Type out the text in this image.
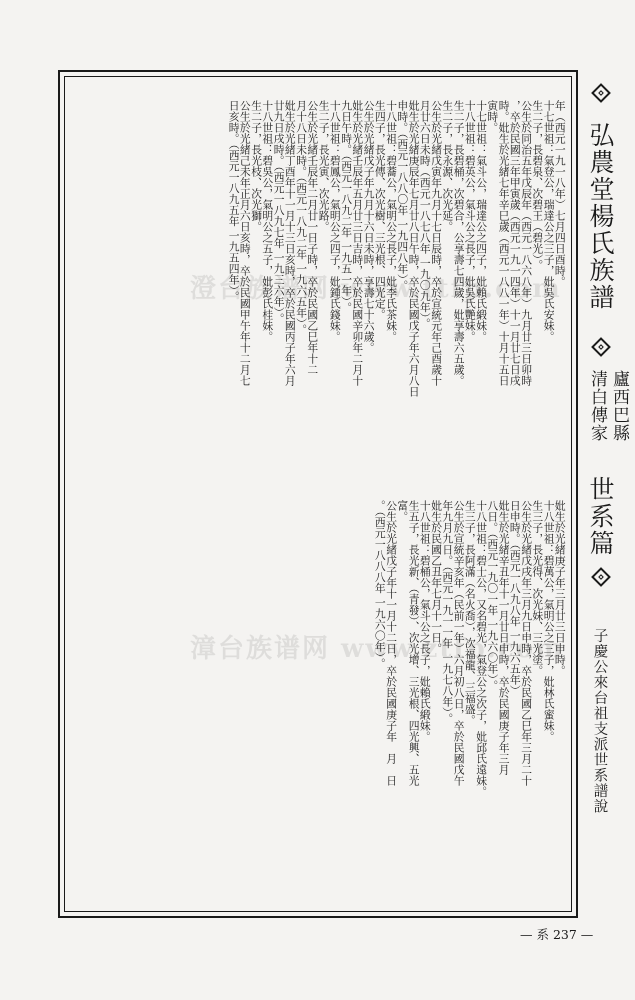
澄台族谱网 www.ttfp.com
漳台族谱网 www.ztfp.com
弘農堂楊氏族譜
廬西巴縣
清白傳家
世系篇
子慶公來台祖支派世系譜說
年（西元一九一八年）七月四日酉時。
十七世祖：氣登公，瑞達公之三子，妣吳氏安妹。
生二子，長碧泉、次碧王（碧光）。
公生於同治五年戊辰年（西元一八六八年）九月廿三日卯時
，卒於民國三年甲寅歲（西元一九一四年）十一月廿七日戌
時。妣生於光緒七年辛巳歲（西元一八八一年）十月十五日
寅時。
十七世祖：氣斗公，瑞達公之四子，妣賴氏緞妹。
十八世祖：碧英公，氣斗公之長子，妣吳氏艷妹。
生二子，長碧桶，次碧合，公享壽七四歲，妣享壽六五歲。
生二子，長永源、次光延。
公生於光緒戊寅年九月十七日辰時，卒於宣統元年己酉歲十
月廿六日未時（西元一八七八年 一九〇九年）。
妣生於光緒庚辰年七月廿八日午時，卒於民國戊子年六月八日
申時。（西元一八八〇年 一九四八年）。
十八世祖：碧蕎公，氣明公之長子，妣李氏茶妹。
生四子，長光傳、次光樹、三光根、四光定。
公生於光緒戊子年九月十六日未時，享壽七十六歲。
妣生於光緒壬辰年五月廿三日吉時，卒於民國辛卯年二月十
九日午時。（西元一八九二年 一九五一年）。
十八世祖：碧鳳公，氣明公之四子，妣鍾氏錢妹。
生二子，長光寅、次光路。
公生於光緒壬辰年二月廿一日子時，卒於民國乙巳年十二
月十八日未時。（西元一八九二年 一九六五年）。
妣生於光緒丁酉年十一月十三日亥時，卒於民國丙子年六月
廿九日戌時。（西元一八九七年 一九三六年）。
十八世祖：碧吳公，氣明公之五子，妣彭氏桂妹。
生二子，長光枝、次光獅。
公生於光緒己未年正月六日亥時，卒於民國甲午年十二月七
日亥時。（西元一八九五年 一九五四年）。
妣生於光緒庚子年三月廿三日申時。
十八世祖：碧萬公，氣明公之三子，妣林氏蜜妹。
生三子，長光得、次光妹、三光塗。
公生於光緒戊戌年三月九日申時，卒於民國乙巳年三月二十
日申時。（西元一八九八年 一九六五年）
妣生於光緒辛丑年十一月廿日申時，卒於民國庚子年三月
八日。（西元一九〇一年 一九六〇年）。
十八世祖：碧士公，又名碧光，氣登公之次子，妣邱氏遠妹。
生三子，長阿滿（名火喬），次福龍、三福盛。
公生於宣統辛亥年（民前一年）六月初八日，卒於民國戊午
年九月九日。（西元一九一一年 一九七八年）。
妣生於民國乙丑年七月十一日。
十八世祖：碧桶公，氣斗公之長子，妣賴氏緞妹。
生五子，長光新、（青發）、次光增、三光根、四光興、五光
富。
公生於光緒戊子年十一月十二日，卒於民國庚子年　月　日
。（西元一八八八年 一九六〇年）。
— 系 237 —
